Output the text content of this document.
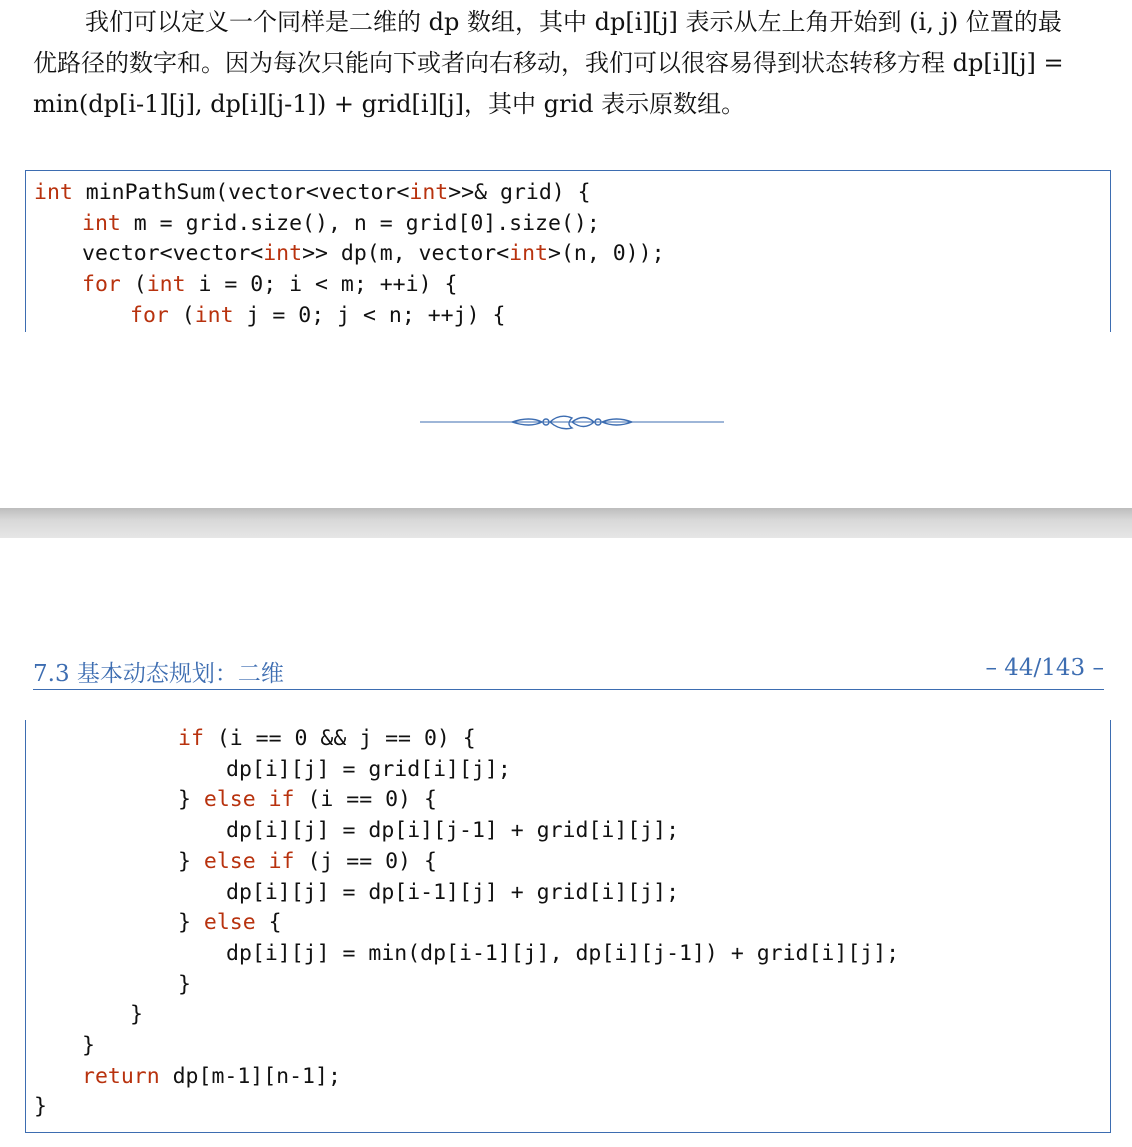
我们可以定义一个同样是二维的 dp 数组，其中 dp[i][j] 表示从左上角开始到 (i, j) 位置的最
优路径的数字和。因为每次只能向下或者向右移动，我们可以很容易得到状态转移方程 dp[i][j] =
min(dp[i-1][j], dp[i][j-1]) + grid[i][j]，其中 grid 表示原数组。

int minPathSum(vector<vector<int>>& grid) {
int m = grid.size(), n = grid[0].size();
vector<vector<int>> dp(m, vector<int>(n, 0));
for (int i = 0; i < m; ++i) {
for (int j = 0; j < n; ++j) {
7.3 基本动态规划：二维	– 44/143 –
if (i == 0 && j == 0) {
dp[i][j] = grid[i][j];
} else if (i == 0) {
dp[i][j] = dp[i][j-1] + grid[i][j];
} else if (j == 0) {
dp[i][j] = dp[i-1][j] + grid[i][j];
} else {
dp[i][j] = min(dp[i-1][j], dp[i][j-1]) + grid[i][j];
}
}
}
return dp[m-1][n-1];
}
